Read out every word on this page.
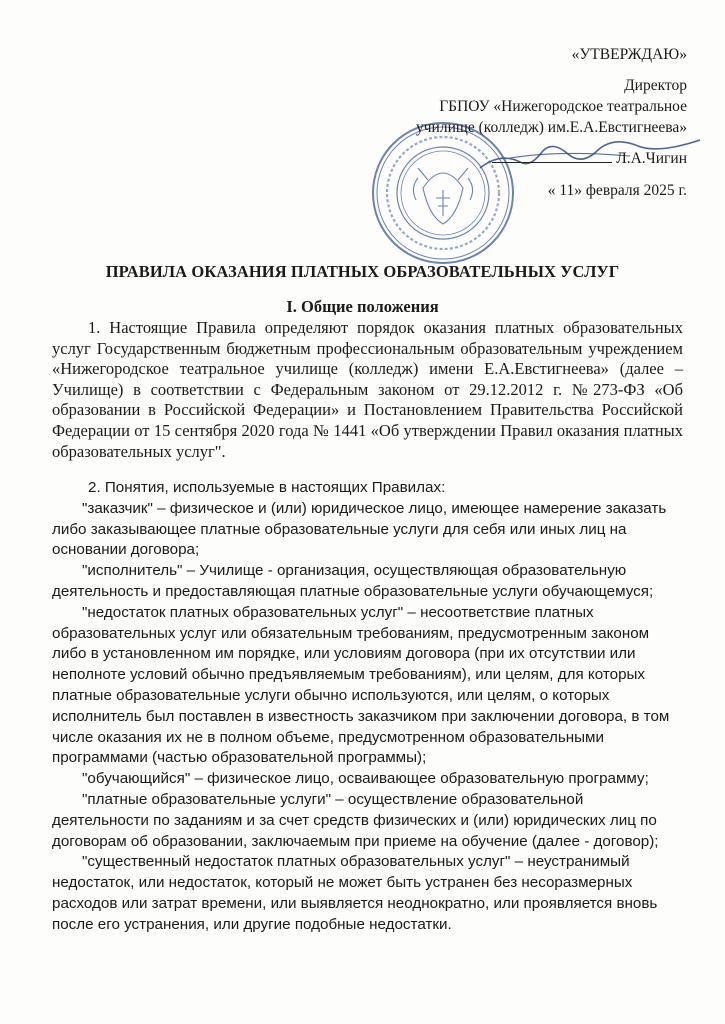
«УТВЕРЖДАЮ»
Директор
ГБПОУ «Нижегородское театральное
училище (колледж) им.Е.А.Евстигнеева»
Л.А.Чигин
« 11» февраля 2025 г.
ПРАВИЛА ОКАЗАНИЯ ПЛАТНЫХ ОБРАЗОВАТЕЛЬНЫХ УСЛУГ
I. Общие положения

1. Настоящие Правила определяют порядок оказания платных образовательных услуг Государственным бюджетным профессиональным образовательным учреждением «Нижегородское театральное училище (колледж) имени Е.А.Евстигнеева» (далее – Училище) в соответствии с Федеральным законом от 29.12.2012 г. №273-ФЗ «Об образовании в Российской Федерации» и Постановлением Правительства Российской Федерации от 15 сентября 2020 года № 1441 «Об утверждении Правил оказания платных образовательных услуг".

2. Понятия, используемые в настоящих Правилах:

"заказчик" – физическое и (или) юридическое лицо, имеющее намерение заказать либо заказывающее платные образовательные услуги для себя или иных лиц на основании договора;

"исполнитель" – Училище - организация, осуществляющая образовательную деятельность и предоставляющая платные образовательные услуги обучающемуся;

"недостаток платных образовательных услуг" – несоответствие платных образовательных услуг или обязательным требованиям, предусмотренным законом либо в установленном им порядке, или условиям договора (при их отсутствии или неполноте условий обычно предъявляемым требованиям), или целям, для которых платные образовательные услуги обычно используются, или целям, о которых исполнитель был поставлен в известность заказчиком при заключении договора, в том числе оказания их не в полном объеме, предусмотренном образовательными программами (частью образовательной программы);

"обучающийся" – физическое лицо, осваивающее образовательную программу;

"платные образовательные услуги" – осуществление образовательной деятельности по заданиям и за счет средств физических и (или) юридических лиц по договорам об образовании, заключаемым при приеме на обучение (далее - договор);

"существенный недостаток платных образовательных услуг" – неустранимый недостаток, или недостаток, который не может быть устранен без несоразмерных расходов или затрат времени, или выявляется неоднократно, или проявляется вновь после его устранения, или другие подобные недостатки.
